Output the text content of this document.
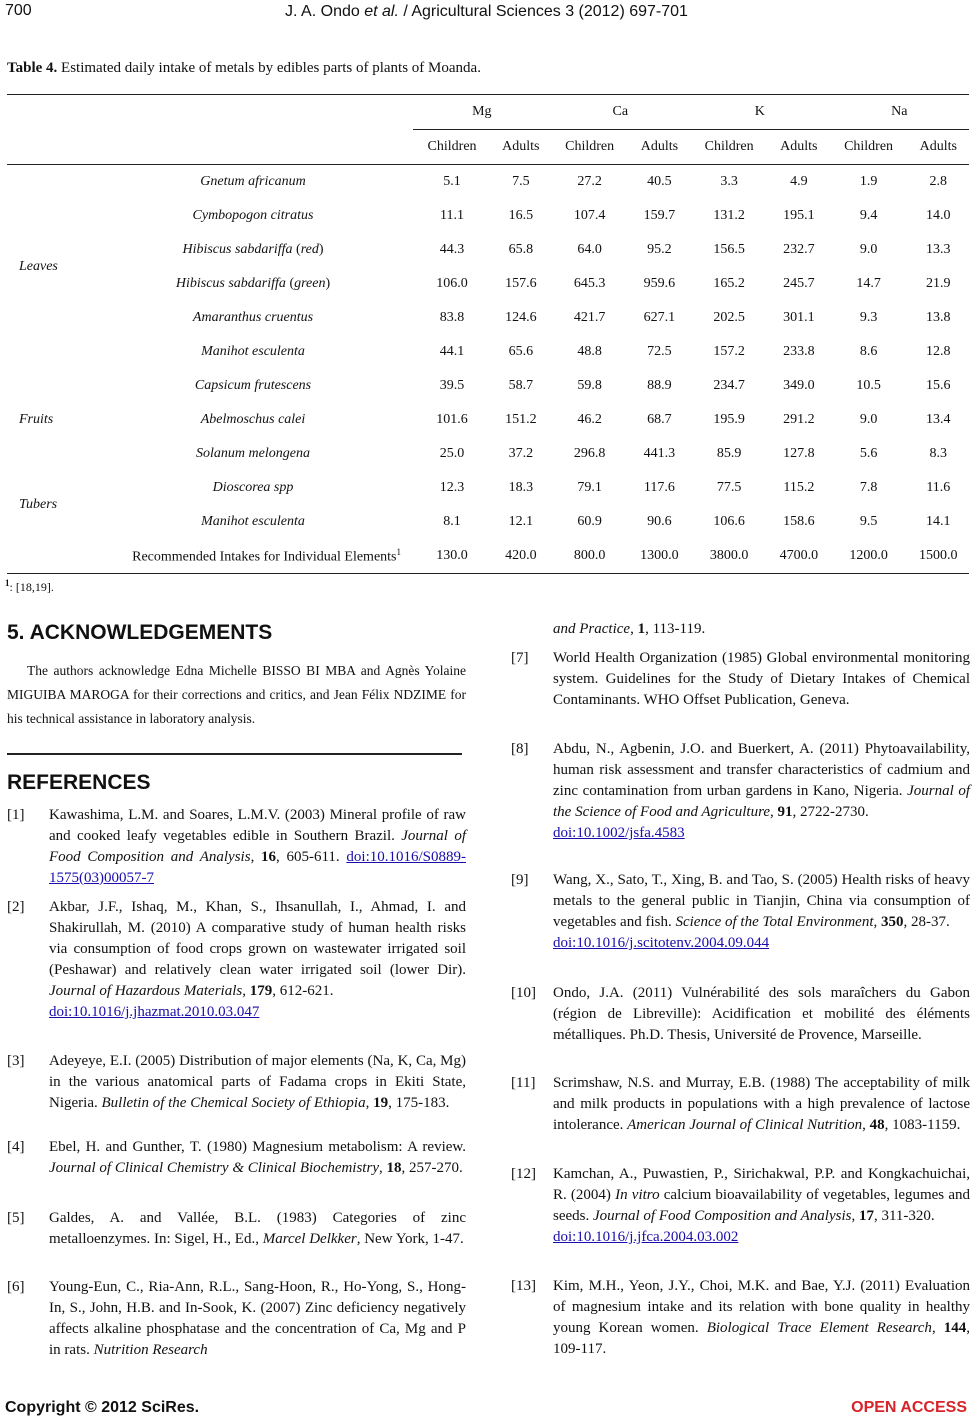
700	J. A. Ondo et al. / Agricultural Sciences 3 (2012) 697-701
Table 4. Estimated daily intake of metals by edibles parts of plants of Moanda.
		Mg		Ca		K		Na	
		Children	Adults	Children	Adults	Children	Adults	Children	Adults
Leaves	Gnetum africanum	5.1	7.5	27.2	40.5	3.3	4.9	1.9	2.8
	Cymbopogon citratus	11.1	16.5	107.4	159.7	131.2	195.1	9.4	14.0
	Hibiscus sabdariffa (red)	44.3	65.8	64.0	95.2	156.5	232.7	9.0	13.3
	Hibiscus sabdariffa (green)	106.0	157.6	645.3	959.6	165.2	245.7	14.7	21.9
	Amaranthus cruentus	83.8	124.6	421.7	627.1	202.5	301.1	9.3	13.8
	Manihot esculenta	44.1	65.6	48.8	72.5	157.2	233.8	8.6	12.8
Fruits	Capsicum frutescens	39.5	58.7	59.8	88.9	234.7	349.0	10.5	15.6
	Abelmoschus calei	101.6	151.2	46.2	68.7	195.9	291.2	9.0	13.4
	Solanum melongena	25.0	37.2	296.8	441.3	85.9	127.8	5.6	8.3
Tubers	Dioscorea spp	12.3	18.3	79.1	117.6	77.5	115.2	7.8	11.6
	Manihot esculenta	8.1	12.1	60.9	90.6	106.6	158.6	9.5	14.1
Recommended Intakes for Individual Elements$^1$		130.0	420.0	800.0	1300.0	3800.0	4700.0	1200.0	1500.0
$^1$: [18,19].
5. ACKNOWLEDGEMENTS
The authors acknowledge Edna Michelle BISSO BI MBA and Agnès Yolaine MIGUIBA MAROGA for their corrections and critics, and Jean Félix NDZIME for his technical assistance in laboratory analysis.
REFERENCES
[1]	Kawashima, L.M. and Soares, L.M.V. (2003) Mineral profile of raw and cooked leafy vegetables edible in Southern Brazil. Journal of Food Composition and Analysis, 16, 605-611. doi:10.1016/S0889-1575(03)00057-7
[2]	Akbar, J.F., Ishaq, M., Khan, S., Ihsanullah, I., Ahmad, I. and Shakirullah, M. (2010) A comparative study of human health risks via consumption of food crops grown on wastewater irrigated soil (Peshawar) and relatively clean water irrigated soil (lower Dir). Journal of Hazardous Materials, 179, 612-621.
doi:10.1016/j.jhazmat.2010.03.047
[3]	Adeyeye, E.I. (2005) Distribution of major elements (Na, K, Ca, Mg) in the various anatomical parts of Fadama crops in Ekiti State, Nigeria. Bulletin of the Chemical Society of Ethiopia, 19, 175-183.
[4]	Ebel, H. and Gunther, T. (1980) Magnesium metabolism: A review. Journal of Clinical Chemistry & Clinical Biochemistry, 18, 257-270.
[5]	Galdes, A. and Vallée, B.L. (1983) Categories of zinc metalloenzymes. In: Sigel, H., Ed., Marcel Delkker, New York, 1-47.
[6]	Young-Eun, C., Ria-Ann, R.L., Sang-Hoon, R., Ho-Yong, S., Hong-In, S., John, H.B. and In-Sook, K. (2007) Zinc deficiency negatively affects alkaline phosphatase and the concentration of Ca, Mg and P in rats. Nutrition Research
and Practice, 1, 113-119.
[7]	World Health Organization (1985) Global environmental monitoring system. Guidelines for the Study of Dietary Intakes of Chemical Contaminants. WHO Offset Publication, Geneva.
[8]	Abdu, N., Agbenin, J.O. and Buerkert, A. (2011) Phytoavailability, human risk assessment and transfer characteristics of cadmium and zinc contamination from urban gardens in Kano, Nigeria. Journal of the Science of Food and Agriculture, 91, 2722-2730.
doi:10.1002/jsfa.4583
[9]	Wang, X., Sato, T., Xing, B. and Tao, S. (2005) Health risks of heavy metals to the general public in Tianjin, China via consumption of vegetables and fish. Science of the Total Environment, 350, 28-37.
doi:10.1016/j.scitotenv.2004.09.044
[10]	Ondo, J.A. (2011) Vulnérabilité des sols maraîchers du Gabon (région de Libreville): Acidification et mobilité des éléments métalliques. Ph.D. Thesis, Université de Provence, Marseille.
[11]	Scrimshaw, N.S. and Murray, E.B. (1988) The acceptability of milk and milk products in populations with a high prevalence of lactose intolerance. American Journal of Clinical Nutrition, 48, 1083-1159.
[12]	Kamchan, A., Puwastien, P., Sirichakwal, P.P. and Kongkachuichai, R. (2004) In vitro calcium bioavailability of vegetables, legumes and seeds. Journal of Food Composition and Analysis, 17, 311-320.
doi:10.1016/j.jfca.2004.03.002
[13]	Kim, M.H., Yeon, J.Y., Choi, M.K. and Bae, Y.J. (2011) Evaluation of magnesium intake and its relation with bone quality in healthy young Korean women. Biological Trace Element Research, 144, 109-117.
Copyright © 2012 SciRes.	OPEN ACCESS
